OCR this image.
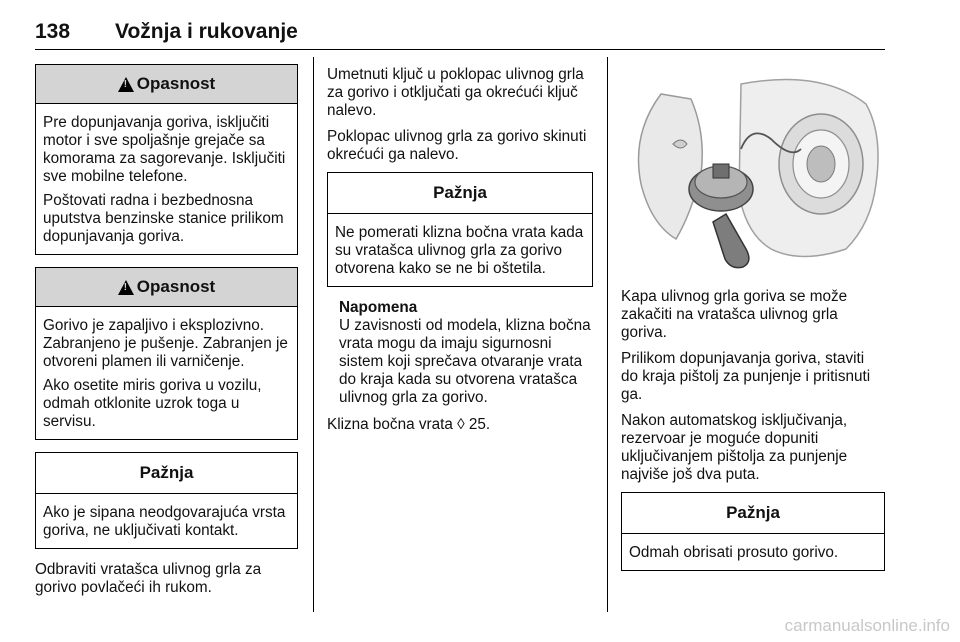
138 Vožnja i rukovanje
!
Opasnost

Pre dopunjavanja goriva, isključiti motor i sve spoljašnje grejače sa komorama za sagorevanje. Isključiti sve mobilne telefone.

Poštovati radna i bezbednosna uputstva benzinske stanice prilikom dopunjavanja goriva.

!
Opasnost

Gorivo je zapaljivo i eksplozivno. Zabranjeno je pušenje. Zabranjen je otvoreni plamen ili varničenje.

Ako osetite miris goriva u vozilu, odmah otklonite uzrok toga u servisu.

Pažnja

Ako je sipana neodgovarajuća vrsta goriva, ne uključivati kontakt.

Odbraviti vratašca ulivnog grla za gorivo povlačeći ih rukom.

Umetnuti ključ u poklopac ulivnog grla za gorivo i otključati ga okrećući ključ nalevo.

Poklopac ulivnog grla za gorivo skinuti okrećući ga nalevo.

Pažnja

Ne pomerati klizna bočna vrata kada su vratašca ulivnog grla za gorivo otvorena kako se ne bi oštetila.

Napomena

U zavisnosti od modela, klizna bočna vrata mogu da imaju sigurnosni sistem koji sprečava otvaranje vrata do kraja kada su otvorena vratašca ulivnog grla za gorivo.

Klizna bočna vrata ◊ 25.

Kapa ulivnog grla goriva se može zakačiti na vratašca ulivnog grla goriva.

Prilikom dopunjavanja goriva, staviti do kraja pištolj za punjenje i pritisnuti ga.

Nakon automatskog isključivanja, rezervoar je moguće dopuniti uključivanjem pištolja za punjenje najviše još dva puta.

Pažnja

Odmah obrisati prosuto gorivo.

carmanualsonline.info
